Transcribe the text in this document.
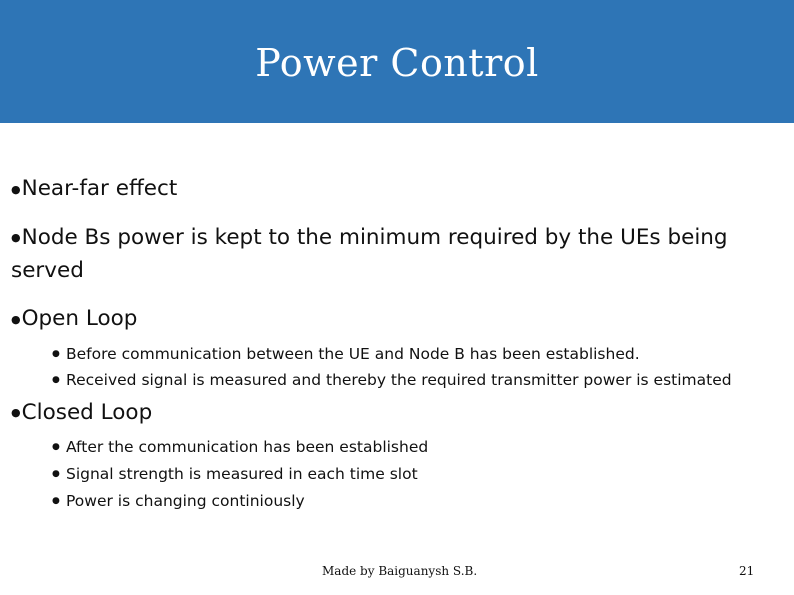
Power Control
●Near-far effect
●Node Bs power is kept to the minimum required by the UEs being served
●Open Loop
● Before communication between the UE and Node B has been established.
● Received signal is measured and thereby the required transmitter power is estimated
●Closed Loop
● After the communication has been established
● Signal strength is measured in each time slot
● Power is changing continiously
Made by Baiguanysh S.B.	21
